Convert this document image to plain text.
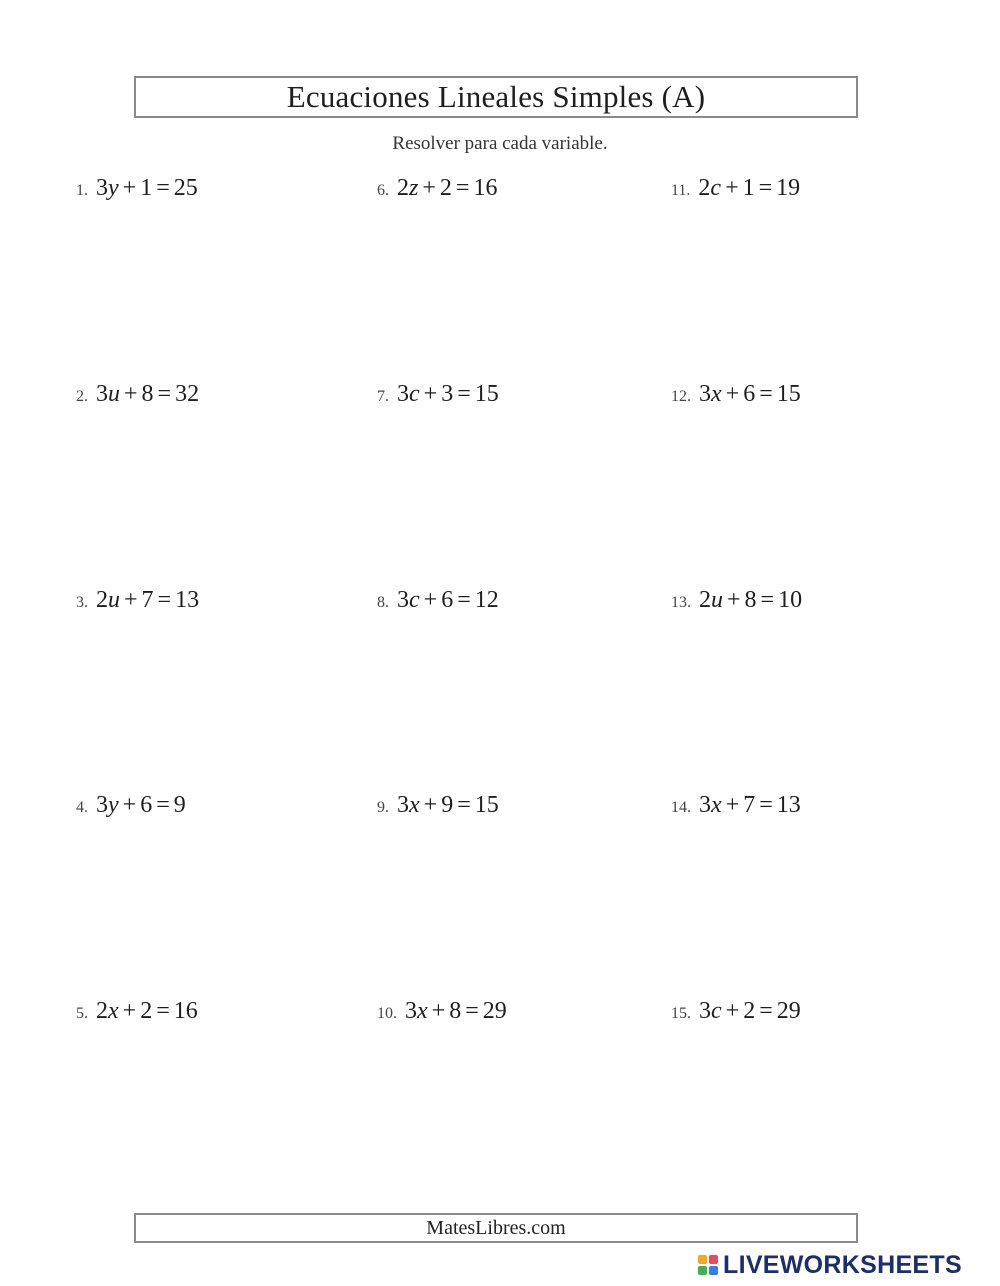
Ecuaciones Lineales Simples (A)
Resolver para cada variable.
1. 3y + 1 = 25
2. 3u + 8 = 32
3. 2u + 7 = 13
4. 3y + 6 = 9
5. 2x + 2 = 16
6. 2z + 2 = 16
7. 3c + 3 = 15
8. 3c + 6 = 12
9. 3x + 9 = 15
10. 3x + 8 = 29
11. 2c + 1 = 19
12. 3x + 6 = 15
13. 2u + 8 = 10
14. 3x + 7 = 13
15. 3c + 2 = 29
MatesLibres.com
LIVEWORKSHEETS
